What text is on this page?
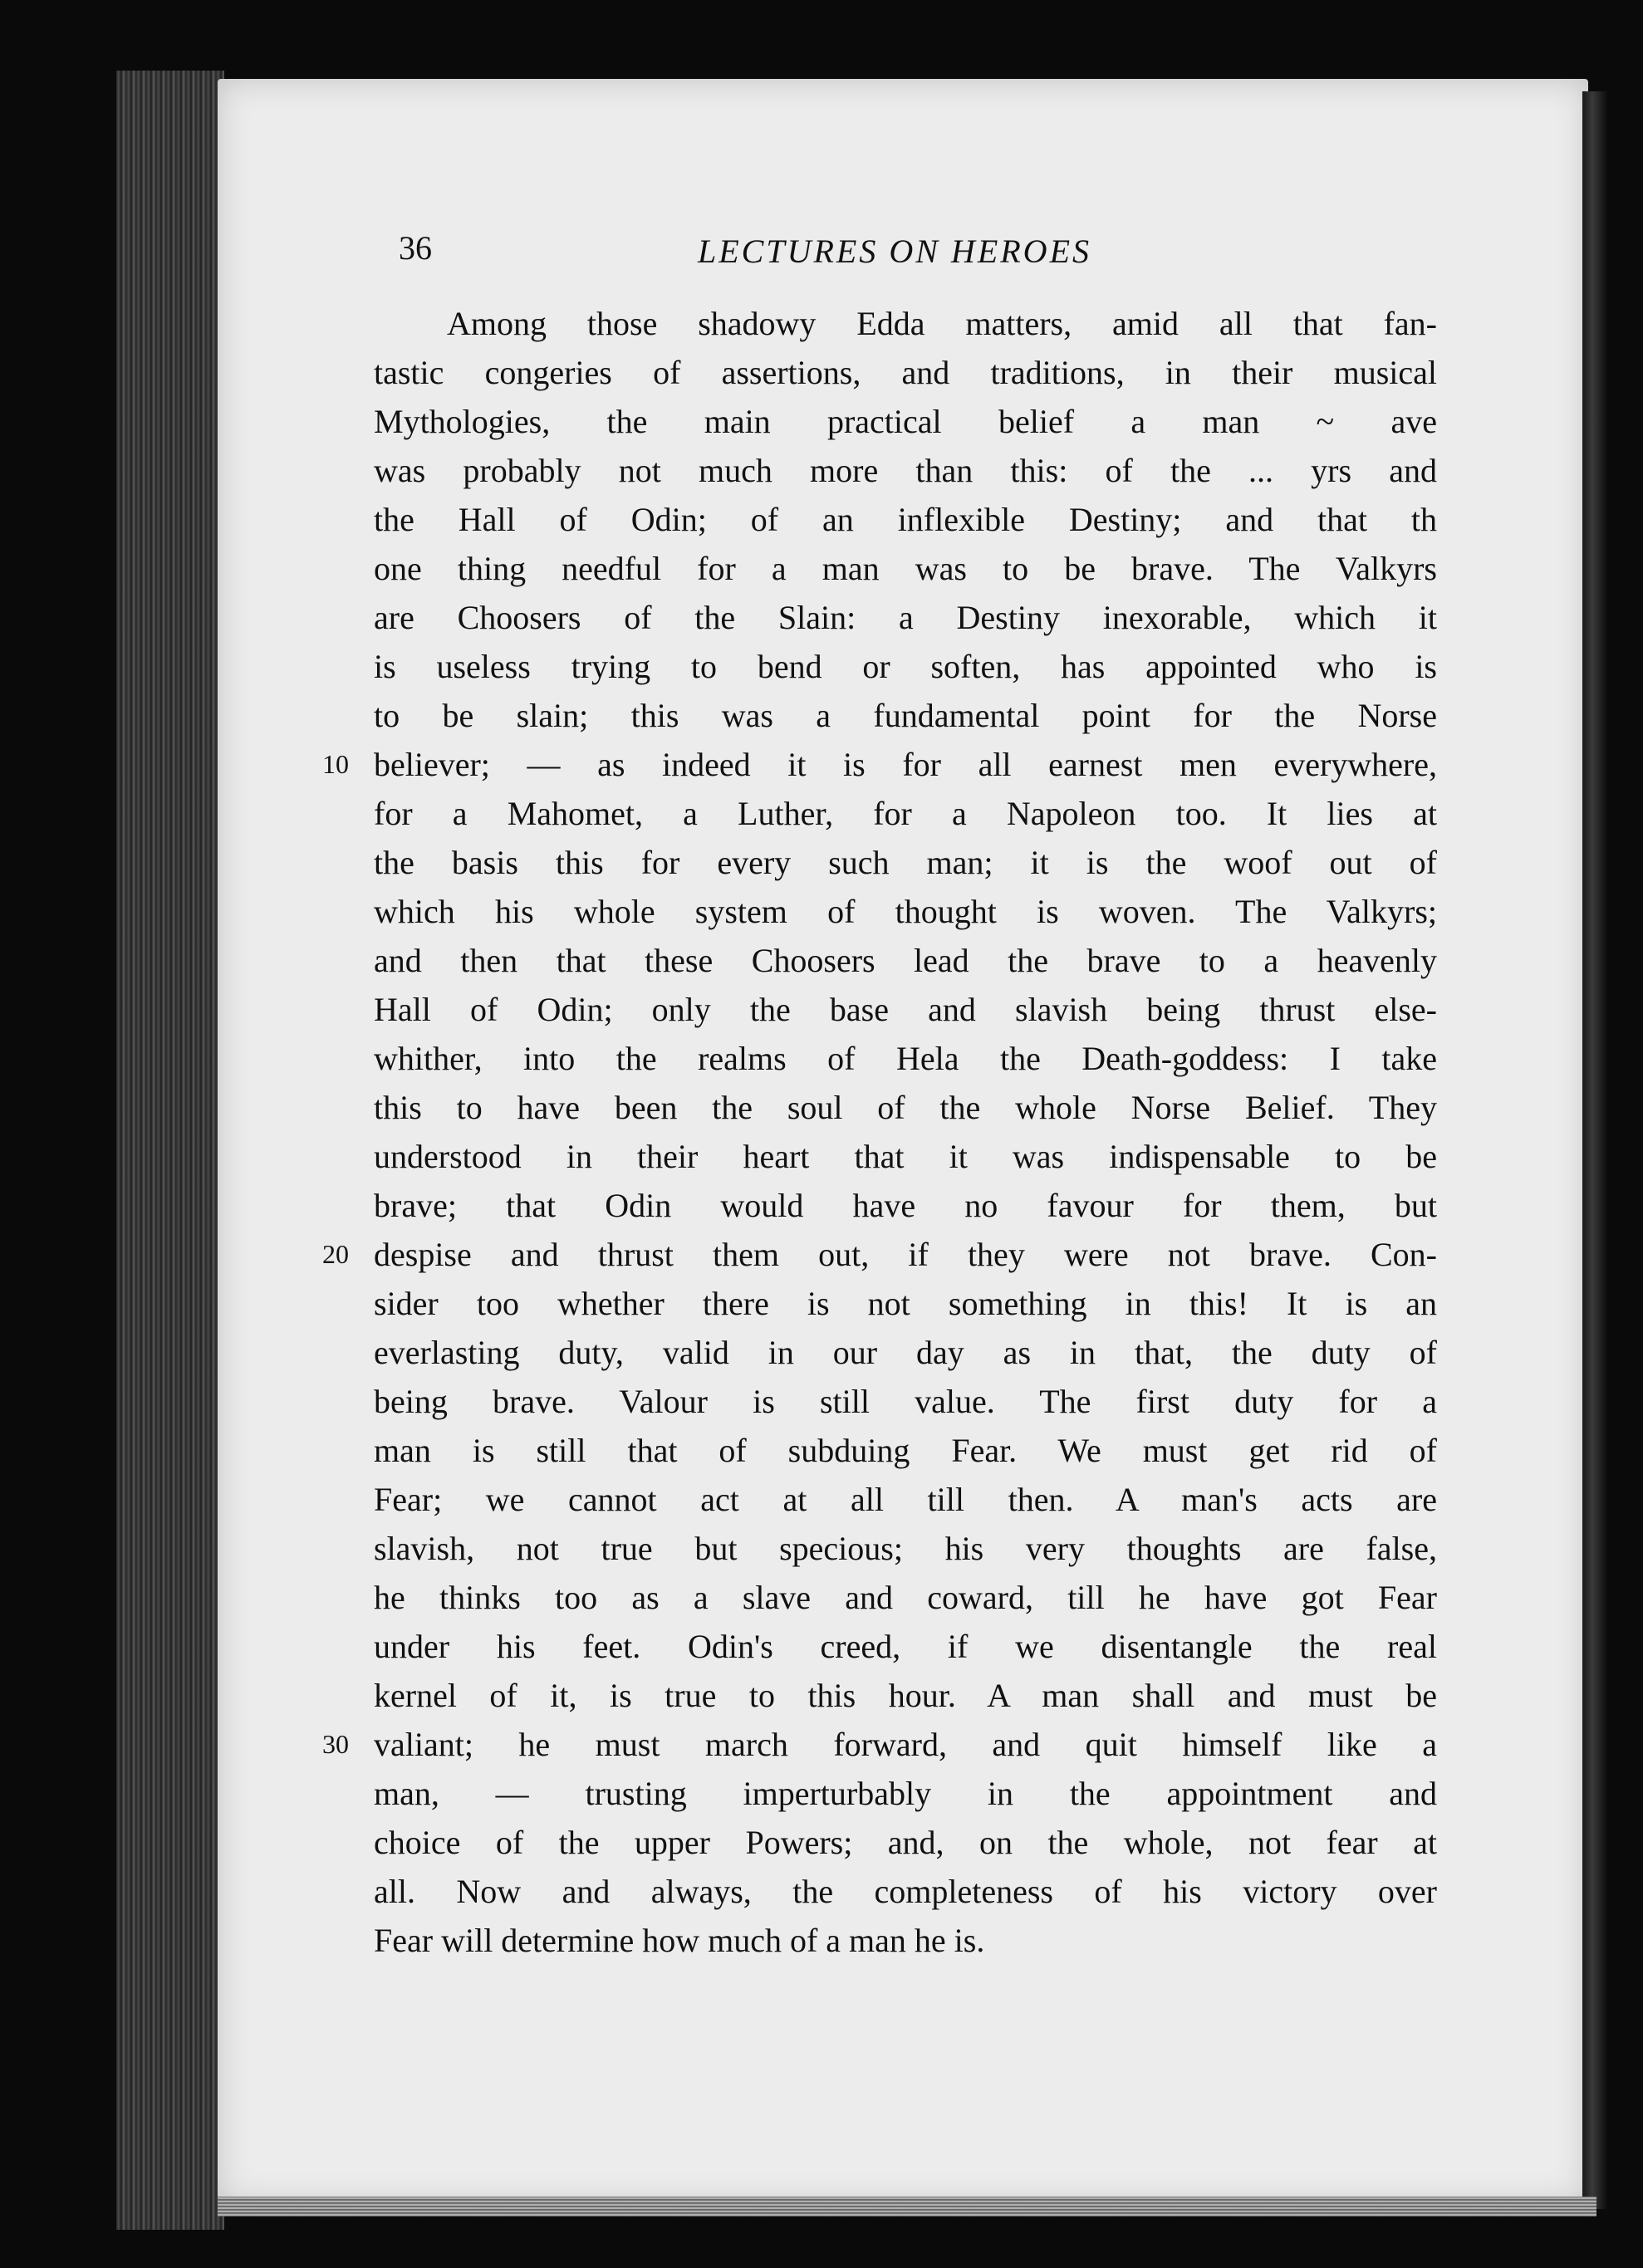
36	LECTURES ON HEROES
Among those shadowy Edda matters, amid all that fan-
tastic congeries of assertions, and traditions, in their musical
Mythologies, the main practical belief a man ~ ave
was probably not much more than this: of the ... yrs and
the Hall of Odin; of an inflexible Destiny; and that th
one thing needful for a man was to be brave. The Valkyrs
are Choosers of the Slain: a Destiny inexorable, which it
is useless trying to bend or soften, has appointed who is
to be slain; this was a fundamental point for the Norse
10 believer; — as indeed it is for all earnest men everywhere,
for a Mahomet, a Luther, for a Napoleon too. It lies at
the basis this for every such man; it is the woof out of
which his whole system of thought is woven. The Valkyrs;
and then that these Choosers lead the brave to a heavenly
Hall of Odin; only the base and slavish being thrust else-
whither, into the realms of Hela the Death-goddess: I take
this to have been the soul of the whole Norse Belief. They
understood in their heart that it was indispensable to be
brave; that Odin would have no favour for them, but
20 despise and thrust them out, if they were not brave. Con-
sider too whether there is not something in this! It is an
everlasting duty, valid in our day as in that, the duty of
being brave. Valour is still value. The first duty for a
man is still that of subduing Fear. We must get rid of
Fear; we cannot act at all till then. A man's acts are
slavish, not true but specious; his very thoughts are false,
he thinks too as a slave and coward, till he have got Fear
under his feet. Odin's creed, if we disentangle the real
kernel of it, is true to this hour. A man shall and must be
30 valiant; he must march forward, and quit himself like a
man, — trusting imperturbably in the appointment and
choice of the upper Powers; and, on the whole, not fear at
all. Now and always, the completeness of his victory over
Fear will determine how much of a man he is.
